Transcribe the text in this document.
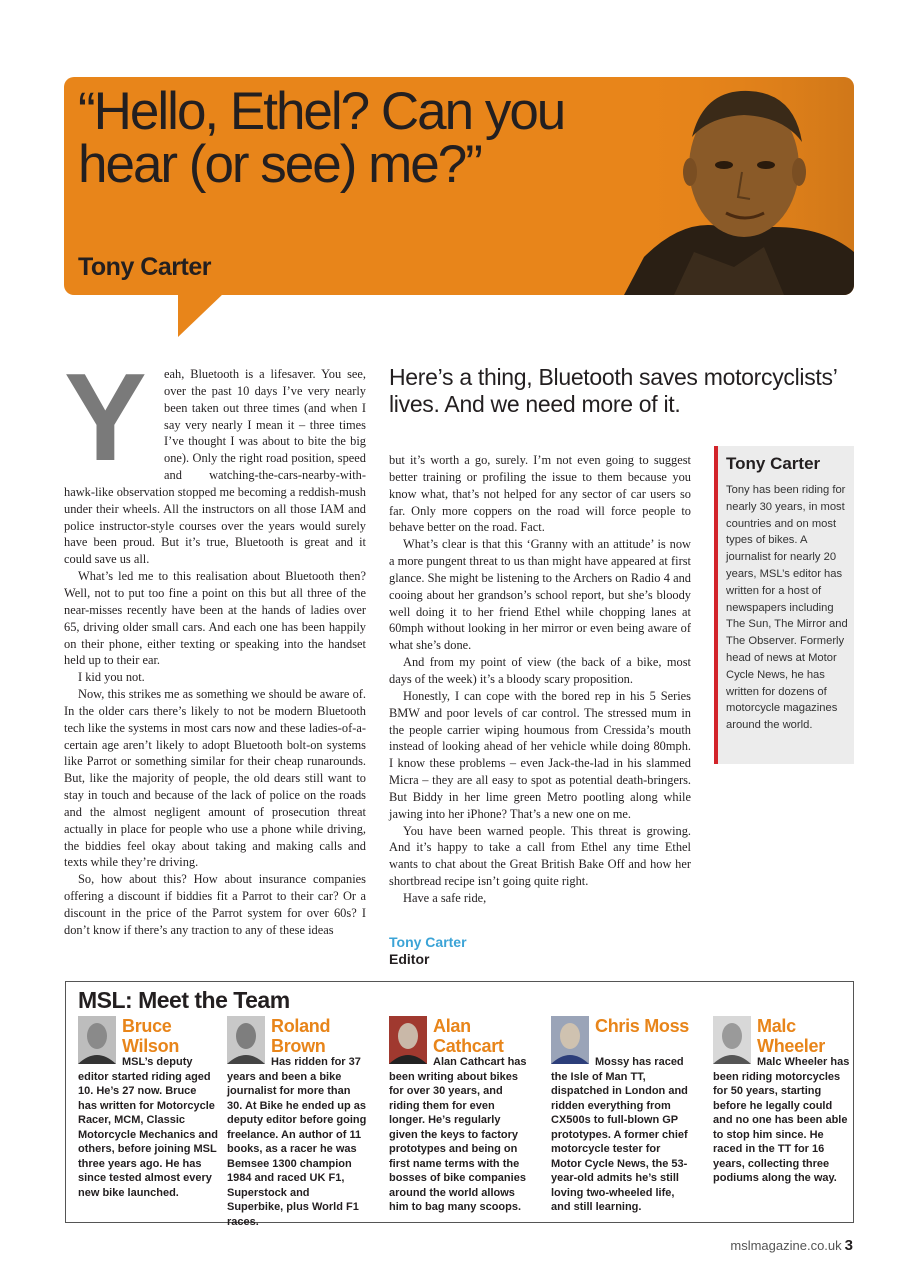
“Hello, Ethel? Can you hear (or see) me?”
Tony Carter
Here’s a thing, Bluetooth saves motorcyclists’ lives. And we need more of it.

Y	eah, Bluetooth is a lifesaver. You see, over the past 10 days I’ve very nearly been taken out three times (and when I say very nearly I mean it – three times I’ve thought I was about to bite the big one). Only the right road position, speed and watching-the-cars-nearby-with-hawk-like observation stopped me becoming a reddish-mush under their wheels. All the instructors on all those IAM and police instructor-style courses over the years would surely have been proud. But it’s true, Bluetooth is great and it could save us all.

What’s led me to this realisation about Bluetooth then? Well, not to put too fine a point on this but all three of the near-misses recently have been at the hands of ladies over 65, driving older small cars. And each one has been happily on their phone, either texting or speaking into the handset held up to their ear.

I kid you not.

Now, this strikes me as something we should be aware of. In the older cars there’s likely to not be modern Bluetooth tech like the systems in most cars now and these ladies-of-a-certain age aren’t likely to adopt Bluetooth bolt-on systems like Parrot or something similar for their cheap runarounds. But, like the majority of people, the old dears still want to stay in touch and because of the lack of police on the roads and the almost negligent amount of prosecution threat actually in place for people who use a phone while driving, the biddies feel okay about taking and making calls and texts while they’re driving.

So, how about this? How about insurance companies offering a discount if biddies fit a Parrot to their car? Or a discount in the price of the Parrot system for over 60s? I don’t know if there’s any traction to any of these ideas

but it’s worth a go, surely. I’m not even going to suggest better training or profiling the issue to them because you know what, that’s not helped for any sector of car users so far. Only more coppers on the road will force people to behave better on the road. Fact.

What’s clear is that this ‘Granny with an attitude’ is now a more pungent threat to us than might have appeared at first glance. She might be listening to the Archers on Radio 4 and cooing about her grandson’s school report, but she’s bloody well doing it to her friend Ethel while chopping lanes at 60mph without looking in her mirror or even being aware of what she’s done.

And from my point of view (the back of a bike, most days of the week) it’s a bloody scary proposition.

Honestly, I can cope with the bored rep in his 5 Series BMW and poor levels of car control. The stressed mum in the people carrier wiping houmous from Cressida’s mouth instead of looking ahead of her vehicle while doing 80mph. I know these problems – even Jack-the-lad in his slammed Micra – they are all easy to spot as potential death-bringers. But Biddy in her lime green Metro pootling along while jawing into her iPhone? That’s a new one on me.

You have been warned people. This threat is growing. And it’s happy to take a call from Ethel any time Ethel wants to chat about the Great British Bake Off and how her shortbread recipe isn’t going quite right.

Have a safe ride,

Tony Carter
Editor
Tony Carter
Tony has been riding for nearly 30 years, in most countries and on most types of bikes. A journalist for nearly 20 years, MSL’s editor has written for a host of newspapers including The Sun, The Mirror and The Observer. Formerly head of news at Motor Cycle News, he has written for dozens of motorcycle magazines around the world.
MSL: Meet the Team
Bruce Wilson
MSL’s deputy editor started riding aged 10. He’s 27 now. Bruce has written for Motorcycle Racer, MCM, Classic Motorcycle Mechanics and others, before joining MSL three years ago. He has since tested almost every new bike launched.
Roland Brown
Has ridden for 37 years and been a bike journalist for more than 30. At Bike he ended up as deputy editor before going freelance. An author of 11 books, as a racer he was Bemsee 1300 champion 1984 and raced UK F1, Superstock and Superbike, plus World F1 races.
Alan Cathcart
Alan Cathcart has been writing about bikes for over 30 years, and riding them for even longer. He’s regularly given the keys to factory prototypes and being on first name terms with the bosses of bike companies around the world allows him to bag many scoops.
Chris Moss
Mossy has raced the Isle of Man TT, dispatched in London and ridden everything from CX500s to full-blown GP prototypes. A former chief motorcycle tester for Motor Cycle News, the 53-year-old admits he’s still loving two-wheeled life, and still learning.
Malc Wheeler
Malc Wheeler has been riding motorcycles for 50 years, starting before he legally could and no one has been able to stop him since. He raced in the TT for 16 years, collecting three podiums along the way.
mslmagazine.co.uk 3
